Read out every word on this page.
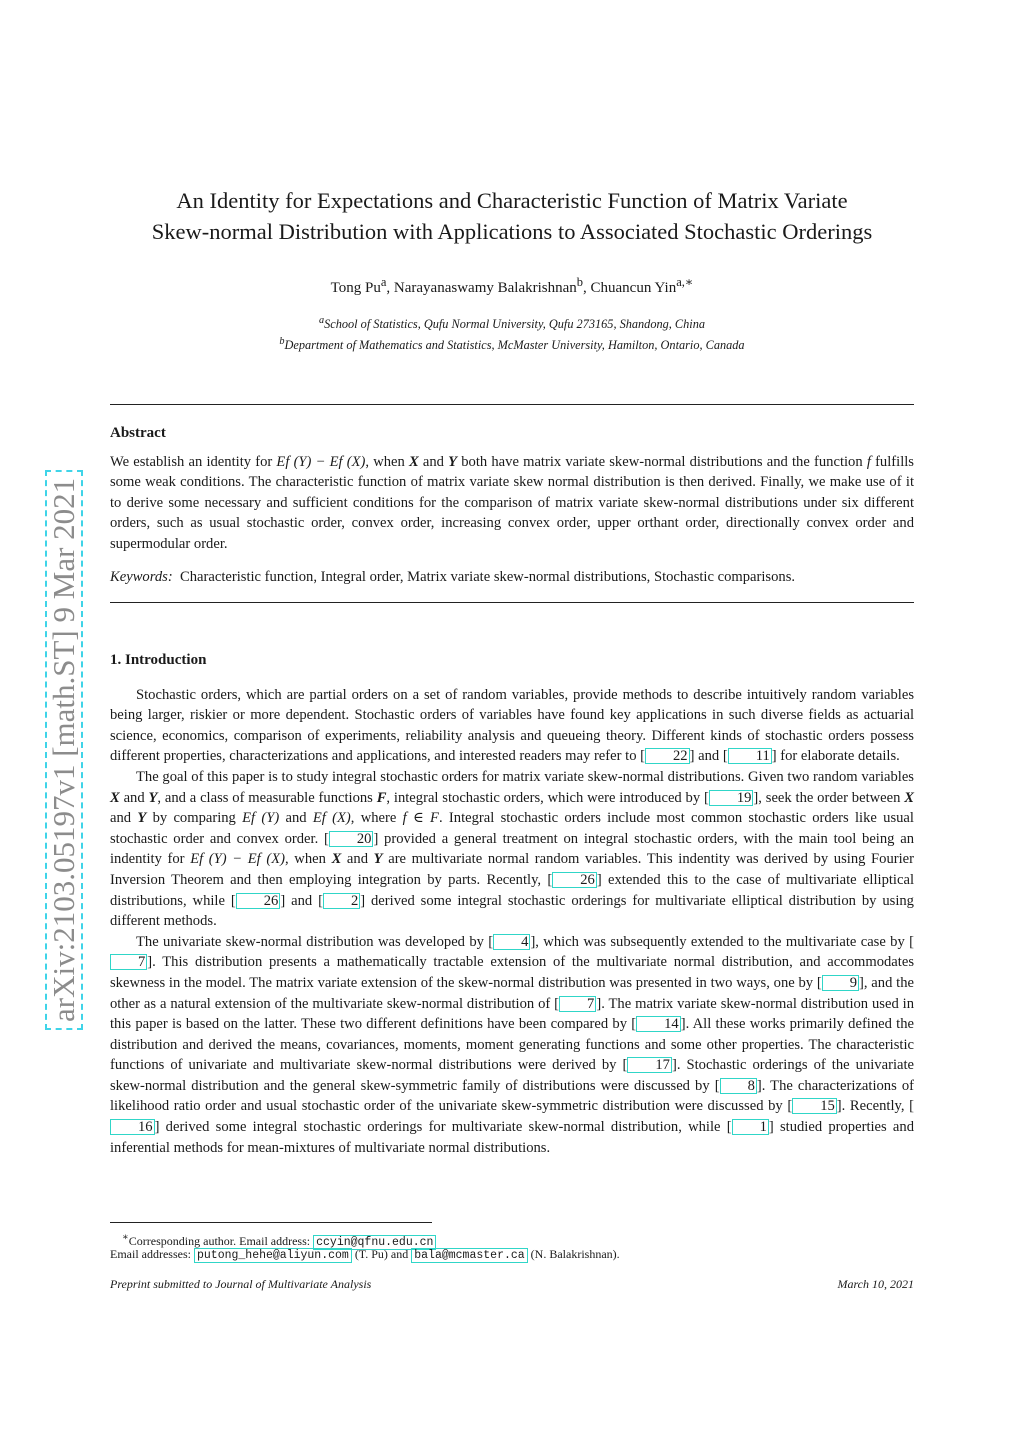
arXiv:2103.05197v1 [math.ST] 9 Mar 2021
An Identity for Expectations and Characteristic Function of Matrix Variate
Skew-normal Distribution with Applications to Associated Stochastic Orderings
Tong Pu$^a$, Narayanaswamy Balakrishnan$^b$, Chuancun Yin$^{a,∗}$
$^a$School of Statistics, Qufu Normal University, Qufu 273165, Shandong, China
$^b$Department of Mathematics and Statistics, McMaster University, Hamilton, Ontario, Canada
Abstract

We establish an identity for Ef (Y) − Ef (X), when X and Y both have matrix variate skew-normal distributions and the function f fulfills some weak conditions. The characteristic function of matrix variate skew normal distribution is then derived. Finally, we make use of it to derive some necessary and sufficient conditions for the comparison of matrix variate skew-normal distributions under six different orders, such as usual stochastic order, convex order, increasing convex order, upper orthant order, directionally convex order and supermodular order.

Keywords: Characteristic function, Integral order, Matrix variate skew-normal distributions, Stochastic comparisons.

1. Introduction

Stochastic orders, which are partial orders on a set of random variables, provide methods to describe intuitively random variables being larger, riskier or more dependent. Stochastic orders of variables have found key applications in such diverse fields as actuarial science, economics, comparison of experiments, reliability analysis and queueing theory. Different kinds of stochastic orders possess different properties, characterizations and applications, and interested readers may refer to [ 22 ] and [ 11 ] for elaborate details.

The goal of this paper is to study integral stochastic orders for matrix variate skew-normal distributions. Given two random variables X and Y, and a class of measurable functions F, integral stochastic orders, which were introduced by [ 19 ], seek the order between X and Y by comparing Ef (Y) and Ef (X), where f ∈ F. Integral stochastic orders include most common stochastic orders like usual stochastic order and convex order. [ 20 ] provided a general treatment on integral stochastic orders, with the main tool being an indentity for Ef (Y) − Ef (X), when X and Y are multivariate normal random variables. This indentity was derived by using Fourier Inversion Theorem and then employing integration by parts. Recently, [ 26 ] extended this to the case of multivariate elliptical distributions, while [ 26 ] and [ 2 ] derived some integral stochastic orderings for multivariate elliptical distribution by using different methods.

The univariate skew-normal distribution was developed by [ 4 ], which was subsequently extended to the multivariate case by [7 ]. This distribution presents a mathematically tractable extension of the multivariate normal distribution, and accommodates skewness in the model. The matrix variate extension of the skew-normal distribution was presented in two ways, one by [ 9 ], and the other as a natural extension of the multivariate skew-normal distribution of [ 7 ]. The matrix variate skew-normal distribution used in this paper is based on the latter. These two different definitions have been compared by [ 14 ]. All these works primarily defined the distribution and derived the means, covariances, moments, moment generating functions and some other properties. The characteristic functions of univariate and multivariate skew-normal distributions were derived by [ 17 ]. Stochastic orderings of the univariate skew-normal distribution and the general skew-symmetric family of distributions were discussed by [ 8 ]. The characterizations of likelihood ratio order and usual stochastic order of the univariate skew-symmetric distribution were discussed by [ 15 ]. Recently, [16 ] derived some integral stochastic orderings for multivariate skew-normal distribution, while [ 1 ] studied properties and inferential methods for mean-mixtures of multivariate normal distributions.

∗Corresponding author. Email address: ccyin@qfnu.edu.cn
Email addresses: putong_hehe@aliyun.com (T. Pu) and bala@mcmaster.ca (N. Balakrishnan).
Preprint submitted to Journal of Multivariate Analysis	March 10, 2021
